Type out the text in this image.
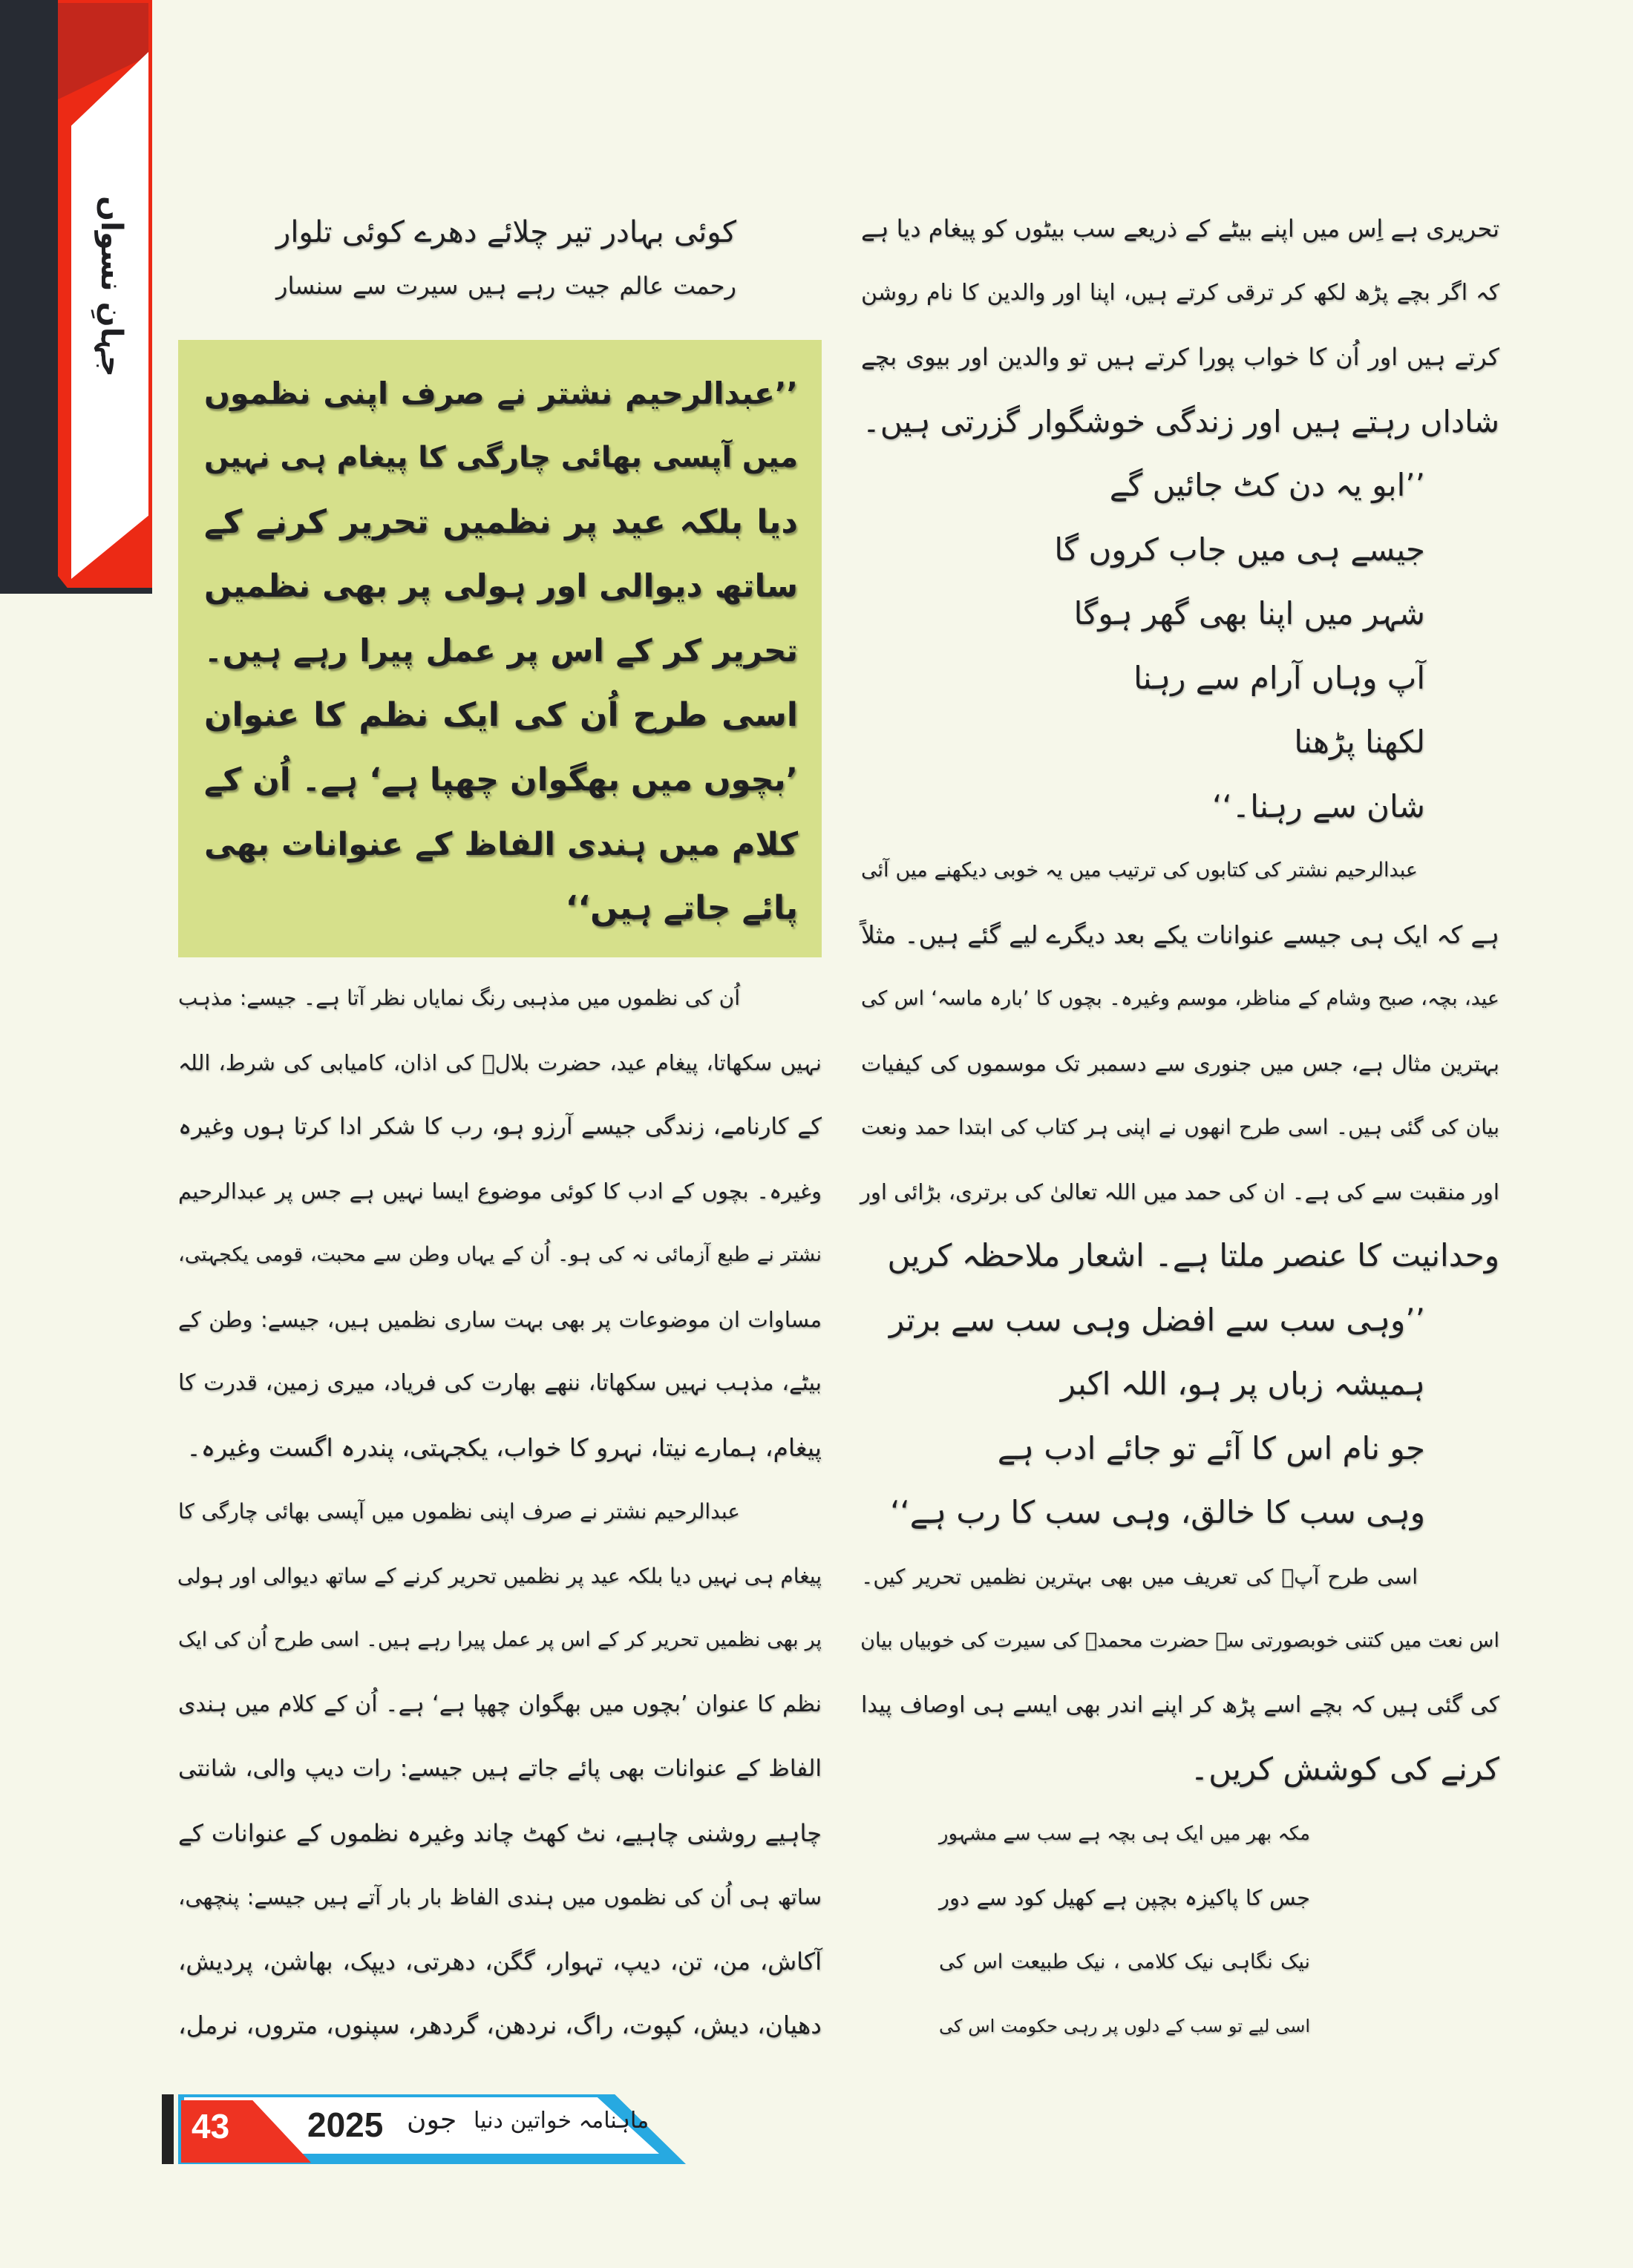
جہانِ نسواں	کوئی بہادر تیر چلائے دھرے کوئی تلوار
رحمت عالم جیت رہے ہیں سیرت سے سنسار
’’عبدالرحیم نشتر نے صرف اپنی نظموں
میں آپسی بھائی چارگی کا پیغام ہی نہیں
دیا بلکہ عید پر نظمیں تحریر کرنے کے
ساتھ دیوالی اور ہولی پر بھی نظمیں
تحریر کر کے اس پر عمل پیرا رہے ہیں۔
اسی طرح اُن کی ایک نظم کا عنوان
’بچوں میں بھگوان چھپا ہے‘ ہے۔ اُن کے
کلام میں ہندی الفاظ کے عنوانات بھی
پائے جاتے ہیں‘‘
اُن کی نظموں میں مذہبی رنگ نمایاں نظر آتا ہے۔ جیسے: مذہب
نہیں سکھاتا، پیغام عید، حضرت بلالؓ کی اذان، کامیابی کی شرط، اللہ
کے کارنامے، زندگی جیسے آرزو ہو، رب کا شکر ادا کرتا ہوں وغیرہ
وغیرہ۔ بچوں کے ادب کا کوئی موضوع ایسا نہیں ہے جس پر عبدالرحیم
نشتر نے طبع آزمائی نہ کی ہو۔ اُن کے یہاں وطن سے محبت، قومی یکجہتی،
مساوات ان موضوعات پر بھی بہت ساری نظمیں ہیں، جیسے: وطن کے
بیٹے، مذہب نہیں سکھاتا، ننھے بھارت کی فریاد، میری زمین، قدرت کا
پیغام، ہمارے نیتا، نہرو کا خواب، یکجہتی، پندرہ اگست وغیرہ۔
عبدالرحیم نشتر نے صرف اپنی نظموں میں آپسی بھائی چارگی کا
پیغام ہی نہیں دیا بلکہ عید پر نظمیں تحریر کرنے کے ساتھ دیوالی اور ہولی
پر بھی نظمیں تحریر کر کے اس پر عمل پیرا رہے ہیں۔ اسی طرح اُن کی ایک
نظم کا عنوان ’بچوں میں بھگوان چھپا ہے‘ ہے۔ اُن کے کلام میں ہندی
الفاظ کے عنوانات بھی پائے جاتے ہیں جیسے: رات دیپ والی، شانتی
چاہیے روشنی چاہیے، نٹ کھٹ چاند وغیرہ نظموں کے عنوانات کے
ساتھ ہی اُن کی نظموں میں ہندی الفاظ بار بار آتے ہیں جیسے: پنچھی،
آکاش، من، تن، دیپ، تہوار، گگن، دھرتی، دیپک، بھاشن، پردیش،
دھیان، دیش، کپوت، راگ، نردھن، گردھر، سپنوں، متروں، نرمل،
تحریری ہے اِس میں اپنے بیٹے کے ذریعے سب بیٹوں کو پیغام دیا ہے
کہ اگر بچے پڑھ لکھ کر ترقی کرتے ہیں، اپنا اور والدین کا نام روشن
کرتے ہیں اور اُن کا خواب پورا کرتے ہیں تو والدین اور بیوی بچے
شاداں رہتے ہیں اور زندگی خوشگوار گزرتی ہیں۔
’’ابو یہ دن کٹ جائیں گے
جیسے ہی میں جاب کروں گا
شہر میں اپنا بھی گھر ہوگا
آپ وہاں آرام سے رہنا
لکھنا پڑھنا
شان سے رہنا۔‘‘
عبدالرحیم نشتر کی کتابوں کی ترتیب میں یہ خوبی دیکھنے میں آئی
ہے کہ ایک ہی جیسے عنوانات یکے بعد دیگرے لیے گئے ہیں۔ مثلاً
عید، بچہ، صبح وشام کے مناظر، موسم وغیرہ۔ بچوں کا ’بارہ ماسہ‘ اس کی
بہترین مثال ہے، جس میں جنوری سے دسمبر تک موسموں کی کیفیات
بیان کی گئی ہیں۔ اسی طرح انھوں نے اپنی ہر کتاب کی ابتدا حمد ونعت
اور منقبت سے کی ہے۔ ان کی حمد میں اللہ تعالیٰ کی برتری، بڑائی اور
وحدانیت کا عنصر ملتا ہے۔ اشعار ملاحظہ کریں
’’وہی سب سے افضل وہی سب سے برتر
ہمیشہ زباں پر ہو، اللہ اکبر
جو نام اس کا آئے تو جائے ادب ہے
وہی سب کا خالق، وہی سب کا رب ہے‘‘
اسی طرح آپؐ کی تعریف میں بھی بہترین نظمیں تحریر کیں۔
اس نعت میں کتنی خوبصورتی سے حضرت محمدؐ کی سیرت کی خوبیاں بیان
کی گئی ہیں کہ بچے اسے پڑھ کر اپنے اندر بھی ایسے ہی اوصاف پیدا
کرنے کی کوشش کریں۔
مکہ بھر میں ایک ہی بچہ ہے سب سے مشہور
جس کا پاکیزہ بچپن ہے کھیل کود سے دور
نیک نگاہی نیک کلامی ، نیک طبیعت اس کی
اسی لیے تو سب کے دلوں پر رہی حکومت اس کی
43 2025 جون ماہنامہ خواتین دنیا
